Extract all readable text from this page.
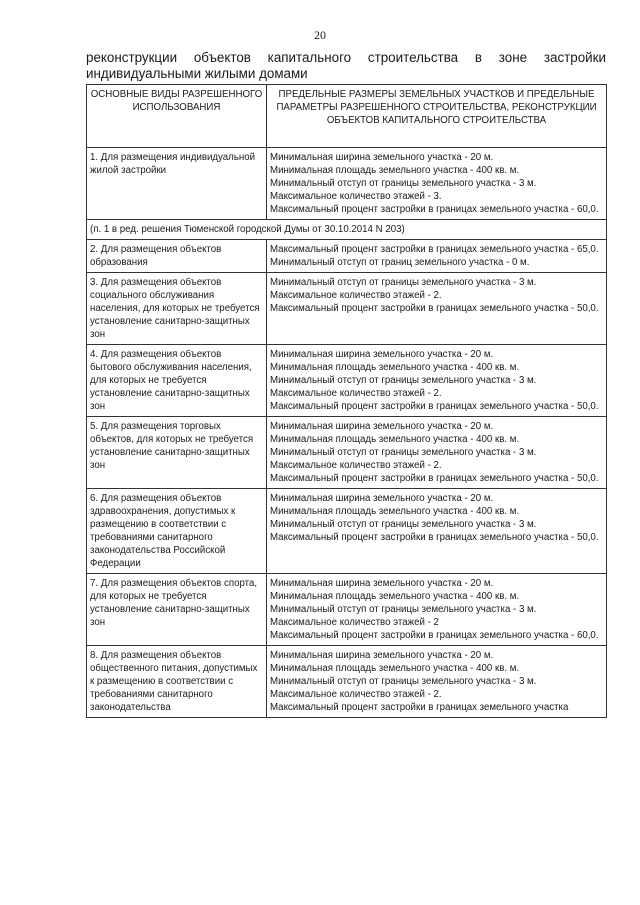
20
реконструкции объектов капитального строительства в зоне застройки индивидуальными жилыми домами
ОСНОВНЫЕ ВИДЫ РАЗРЕШЕННОГО ИСПОЛЬЗОВАНИЯ	ПРЕДЕЛЬНЫЕ РАЗМЕРЫ ЗЕМЕЛЬНЫХ УЧАСТКОВ И ПРЕДЕЛЬНЫЕ ПАРАМЕТРЫ РАЗРЕШЕННОГО СТРОИТЕЛЬСТВА, РЕКОНСТРУКЦИИ ОБЪЕКТОВ КАПИТАЛЬНОГО СТРОИТЕЛЬСТВА
1. Для размещения индивидуальной жилой застройки	Минимальная ширина земельного участка - 20 м.
Минимальная площадь земельного участка - 400 кв. м.
Минимальный отступ от границы земельного участка - 3 м.
Максимальное количество этажей - 3.
Максимальный процент застройки в границах земельного участка - 60,0.

(п. 1 в ред. решения Тюменской городской Думы от 30.10.2014 N 203)	
2. Для размещения объектов образования	Максимальный процент застройки в границах земельного участка - 65,0.
Минимальный отступ от границ земельного участка - 0 м.

3. Для размещения объектов социального обслуживания населения, для которых не требуется установление санитарно-защитных зон	Минимальный отступ от границы земельного участка - 3 м.
Максимальное количество этажей - 2.
Максимальный процент застройки в границах земельного участка - 50,0.

4. Для размещения объектов бытового обслуживания населения, для которых не требуется установление санитарно-защитных зон	Минимальная ширина земельного участка - 20 м.
Минимальная площадь земельного участка - 400 кв. м.
Минимальный отступ от границы земельного участка - 3 м.
Максимальное количество этажей - 2.
Максимальный процент застройки в границах земельного участка - 50,0.

5. Для размещения торговых объектов, для которых не требуется установление санитарно-защитных зон	Минимальная ширина земельного участка - 20 м.
Минимальная площадь земельного участка - 400 кв. м.
Минимальный отступ от границы земельного участка - 3 м.
Максимальное количество этажей - 2.
Максимальный процент застройки в границах земельного участка - 50,0.

6. Для размещения объектов здравоохранения, допустимых к размещению в соответствии с требованиями санитарного законодательства Российской Федерации	Минимальная ширина земельного участка - 20 м.
Минимальная площадь земельного участка - 400 кв. м.
Минимальный отступ от границы земельного участка - 3 м.
Максимальный процент застройки в границах земельного участка - 50,0.

7. Для размещения объектов спорта, для которых не требуется установление санитарно-защитных зон	Минимальная ширина земельного участка - 20 м.
Минимальная площадь земельного участка - 400 кв. м.
Минимальный отступ от границы земельного участка - 3 м.
Максимальное количество этажей - 2
Максимальный процент застройки в границах земельного участка - 60,0.

8. Для размещения объектов общественного питания, допустимых к размещению в соответствии с требованиями санитарного законодательства	Минимальная ширина земельного участка - 20 м.
Минимальная площадь земельного участка - 400 кв. м.
Минимальный отступ от границы земельного участка - 3 м.
Максимальное количество этажей - 2.
Максимальный процент застройки в границах земельного участка
